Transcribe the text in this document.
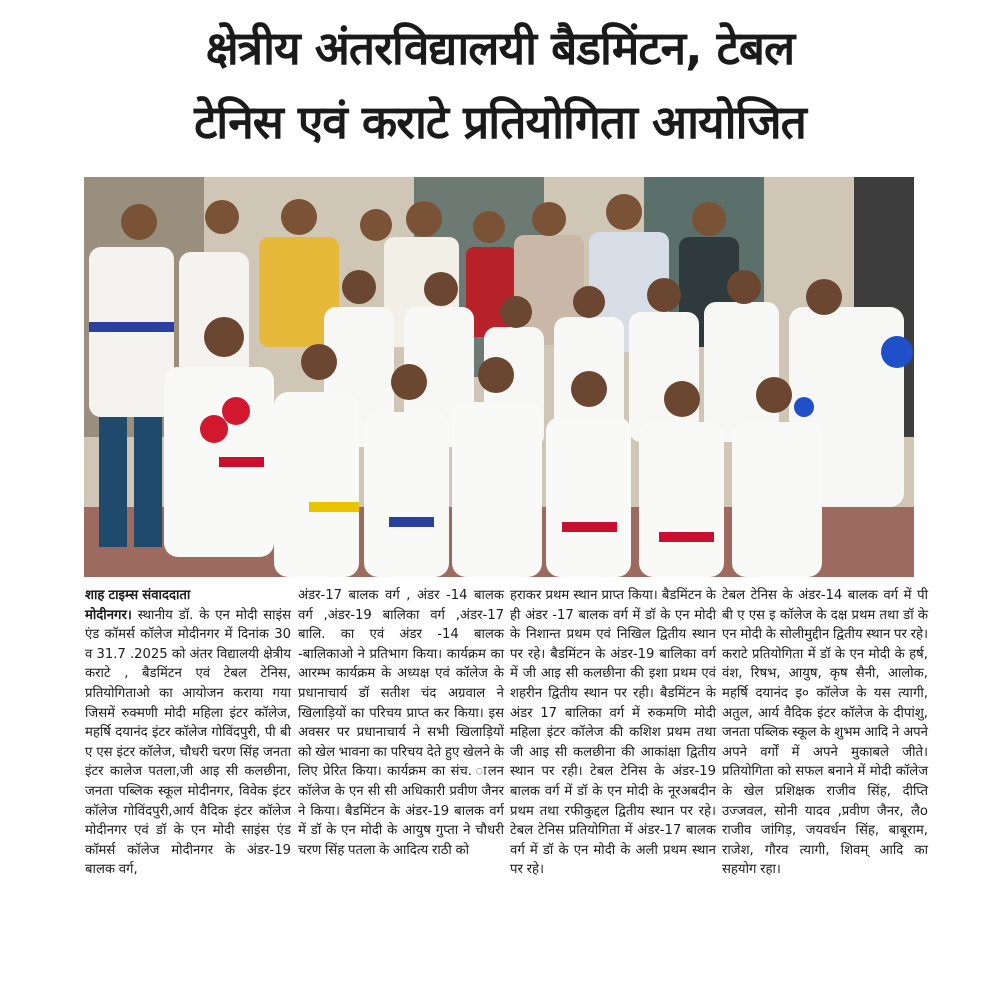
क्षेत्रीय अंतरविद्यालयी बैडमिंटन, टेबल
टेनिस एवं कराटे प्रतियोगिता आयोजित
शाह टाइम्स संवाददाता
मोदीनगर। स्थानीय डॉ. के एन मोदी साइंस एंड कॉमर्स कॉलेज मोदीनगर में दिनांक 30 व 31.7 .2025 को अंतर विद्यालयी क्षेत्रीय कराटे , बैडमिंटन एवं टेबल टेनिस, प्रतियोगिताओ का आयोजन कराया गया जिसमें रुक्मणी मोदी महिला इंटर कॉलेज, महर्षि दयानंद इंटर कॉलेज गोविंदपुरी, पी बी ए एस इंटर कॉलेज, चौधरी चरण सिंह जनता इंटर कालेज पतला,जी आइ सी कलछीना, जनता पब्लिक स्कूल मोदीनगर, विवेक इंटर कॉलेज गोविंदपुरी,आर्य वैदिक इंटर कॉलेज मोदीनगर एवं डॉ के एन मोदी साइंस एंड कॉमर्स कॉलेज मोदीनगर के अंडर-19 बालक वर्ग,
अंडर-17 बालक वर्ग , अंडर -14 बालक वर्ग ,अंडर-19 बालिका वर्ग ,अंडर-17 बालि. का एवं अंडर -14 बालक -बालिकाओ ने प्रतिभाग किया। कार्यक्रम का आरम्भ कार्यक्रम के अध्यक्ष एवं कॉलेज के प्रधानाचार्य डॉ सतीश चंद अग्रवाल ने खिलाड़ियों का परिचय प्राप्त कर किया। इस अवसर पर प्रधानाचार्य ने सभी खिलाड़ियों को खेल भावना का परिचय देते हुए खेलने के लिए प्रेरित किया। कार्यक्रम का संच. ालन कॉलेज के एन सी सी अधिकारी प्रवीण जैनर ने किया। बैडमिंटन के अंडर-19 बालक वर्ग में डॉ के एन मोदी के आयुष गुप्ता ने चौधरी चरण सिंह पतला के आदित्य राठी को
हराकर प्रथम स्थान प्राप्त किया। बैडमिंटन के ही अंडर -17 बालक वर्ग में डॉ के एन मोदी के निशान्त प्रथम एवं निखिल द्वितीय स्थान पर रहे। बैडमिंटन के अंडर-19 बालिका वर्ग में जी आइ सी कलछीना की इशा प्रथम एवं शहरीन द्वितीय स्थान पर रही। बैडमिंटन के अंडर 17 बालिका वर्ग में रुकमणि मोदी महिला इंटर कॉलेज की कशिश प्रथम तथा जी आइ सी कलछीना की आकांक्षा द्वितीय स्थान पर रही। टेबल टेनिस के अंडर-19 बालक वर्ग में डॉ के एन मोदी के नूरअबदीन प्रथम तथा रफीकुद्दल द्वितीय स्थान पर रहे।टेबल टेनिस प्रतियोगिता में अंडर-17 बालक वर्ग में डॉ के एन मोदी के अली प्रथम स्थान पर रहे।
टेबल टेनिस के अंडर-14 बालक वर्ग में पी बी ए एस इ कॉलेज के दक्ष प्रथम तथा डॉ के एन मोदी के सोलीमुद्दीन द्वितीय स्थान पर रहे। कराटे प्रतियोगिता में डॉ के एन मोदी के हर्ष, वंश, रिषभ, आयुष, कृष सैनी, आलोक, महर्षि दयानंद इ० कॉलेज के यस त्यागी, अतुल, आर्य वैदिक इंटर कॉलेज के दीपांशु, जनता पब्लिक स्कूल के शुभम आदि ने अपने अपने वर्गों में अपने मुकाबले जीते। प्रतियोगिता को सफल बनाने में मोदी कॉलेज के खेल प्रशिक्षक राजीव सिंह, दीप्ति उज्जवल, सोनी यादव ,प्रवीण जैनर, लैo राजीव जांगिड़, जयवर्धन सिंह, बाबूराम, राजेश, गौरव त्यागी, शिवम् आदि का सहयोग रहा।
